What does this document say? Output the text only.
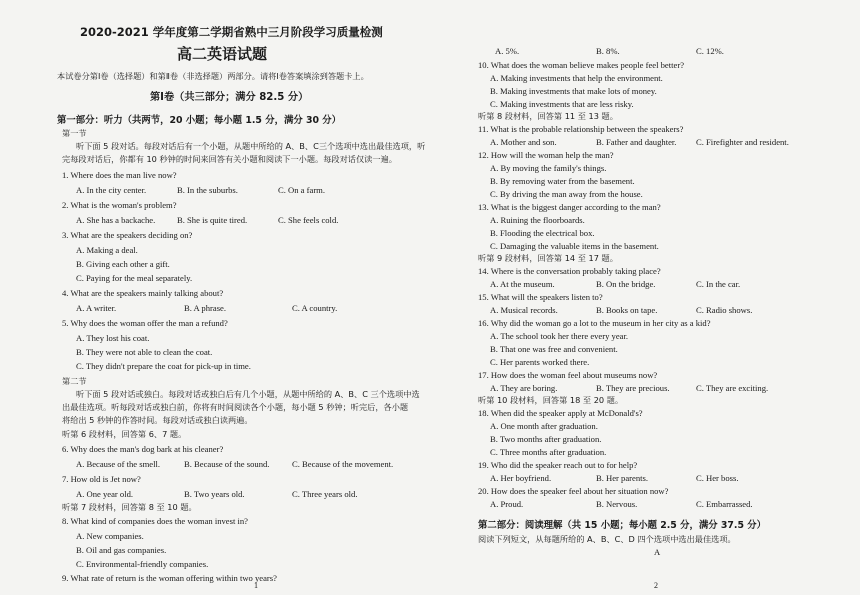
2020-2021 学年度第二学期省熟中三月阶段学习质量检测
高二英语试题
本试卷分第Ⅰ卷（选择题）和第Ⅱ卷（非选择题）两部分。请将Ⅰ卷答案填涂到答题卡上。
第Ⅰ卷（共三部分；满分 82.5 分）
第一部分：听力（共两节，20 小题；每小题 1.5 分，满分 30 分）
第一节
听下面 5 段对话。每段对话后有一个小题，从题中所给的 A、B、C三个选项中选出最佳选项，听
完每段对话后，你都有 10 秒钟的时间来回答有关小题和阅读下一小题。每段对话仅读一遍。
1. Where does the man live now?
A. In the city center.	B. In the suburbs.	C. On a farm.
2. What is the woman's problem?
A. She has a backache.	B. She is quite tired.	C. She feels cold.
3. What are the speakers deciding on?
A. Making a deal.
B. Giving each other a gift.
C. Paying for the meal separately.
4. What are the speakers mainly talking about?
A. A writer.	B. A phrase.	C. A country.
5. Why does the woman offer the man a refund?
A. They lost his coat.
B. They were not able to clean the coat.
C. They didn't prepare the coat for pick-up in time.
第二节
听下面 5 段对话或独白。每段对话或独白后有几个小题，从题中所给的 A、B、C 三个选项中选
出最佳选项。听每段对话或独白前，你将有时间阅读各个小题，每小题 5 秒钟；听完后，各小题
将给出 5 秒钟的作答时间。每段对话或独白读两遍。
听第 6 段材料，回答第 6、7 题。
6. Why does the man's dog bark at his cleaner?
A. Because of the smell.	B. Because of the sound.	C. Because of the movement.
7. How old is Jet now?
A. One year old.	B. Two years old.	C. Three years old.
听第 7 段材料，回答第 8 至 10 题。
8. What kind of companies does the woman invest in?
A. New companies.
B. Oil and gas companies.
C. Environmental-friendly companies.
9. What rate of return is the woman offering within two years?
1
A. 5%.	B. 8%.	C. 12%.
10. What does the woman believe makes people feel better?
A. Making investments that help the environment.
B. Making investments that make lots of money.
C. Making investments that are less risky.
听第 8 段材料，回答第 11 至 13 题。
11. What is the probable relationship between the speakers?
A. Mother and son.	B. Father and daughter. C. Firefighter and resident.
12. How will the woman help the man?
A. By moving the family's things.
B. By removing water from the basement.
C. By driving the man away from the house.
13. What is the biggest danger according to the man?
A. Ruining the floorboards.
B. Flooding the electrical box.
C. Damaging the valuable items in the basement.
听第 9 段材料，回答第 14 至 17 题。
14. Where is the conversation probably taking place?
A. At the museum.	B. On the bridge.	C. In the car.
15. What will the speakers listen to?
A. Musical records.	B. Books on tape.	C. Radio shows.
16. Why did the woman go a lot to the museum in her city as a kid?
A. The school took her there every year.
B. That one was free and convenient.
C. Her parents worked there.
17. How does the woman feel about museums now?
A. They are boring.	B. They are precious.	C. They are exciting.
听第 10 段材料，回答第 18 至 20 题。
18. When did the speaker apply at McDonald's?
A. One month after graduation.
B. Two months after graduation.
C. Three months after graduation.
19. Who did the speaker reach out to for help?
A. Her boyfriend.	B. Her parents.	C. Her boss.
20. How does the speaker feel about her situation now?
A. Proud.	B. Nervous.	C. Embarrassed.
第二部分：阅读理解（共 15 小题；每小题 2.5 分，满分 37.5 分）
阅读下列短文，从每题所给的 A、B、C、D 四个选项中选出最佳选项。
A
2
